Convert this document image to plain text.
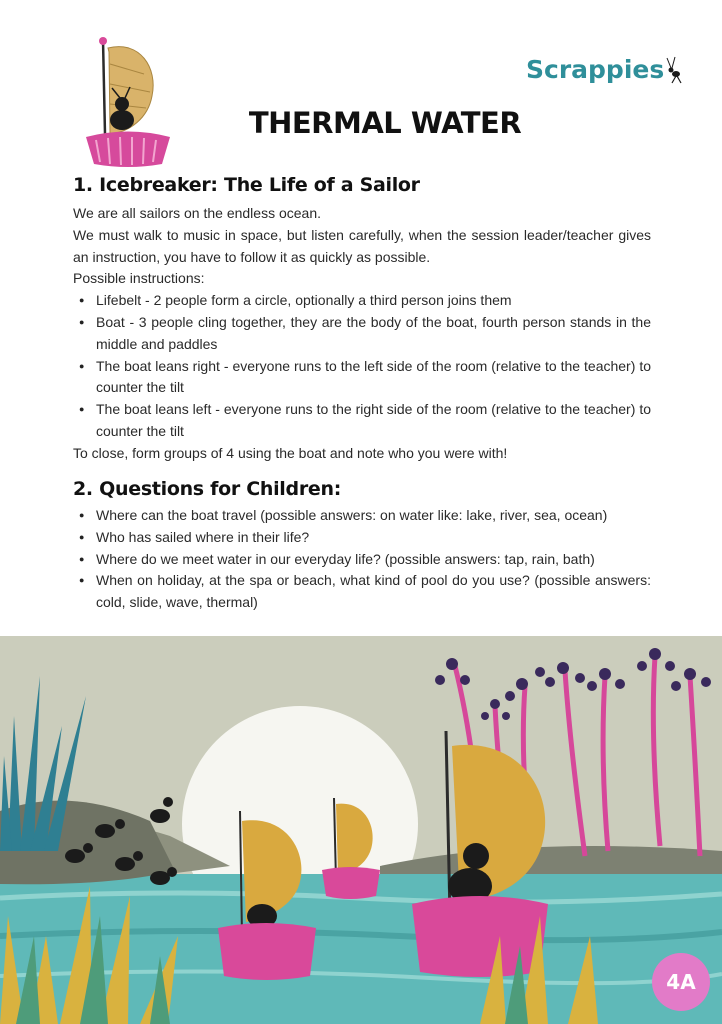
Scrappies
THERMAL WATER
1. Icebreaker: The Life of a Sailor

We are all sailors on the endless ocean.

We must walk to music in space, but listen carefully, when the session leader/teacher gives an instruction, you have to follow it as quickly as possible.

Possible instructions:

● Lifebelt - 2 people form a circle, optionally a third person joins them
● Boat - 3 people cling together, they are the body of the boat, fourth person stands in the middle and paddles
● The boat leans right - everyone runs to the left side of the room (relative to the teacher) to counter the tilt
● The boat leans left - everyone runs to the right side of the room (relative to the teacher) to counter the tilt

To close, form groups of 4 using the boat and note who you were with!

2. Questions for Children:
● Where can the boat travel (possible answers: on water like: lake, river, sea, ocean)
● Who has sailed where in their life?
● Where do we meet water in our everyday life? (possible answers: tap, rain, bath)
● When on holiday, at the spa or beach, what kind of pool do you use? (possible answers: cold, slide, wave, thermal)
4A
